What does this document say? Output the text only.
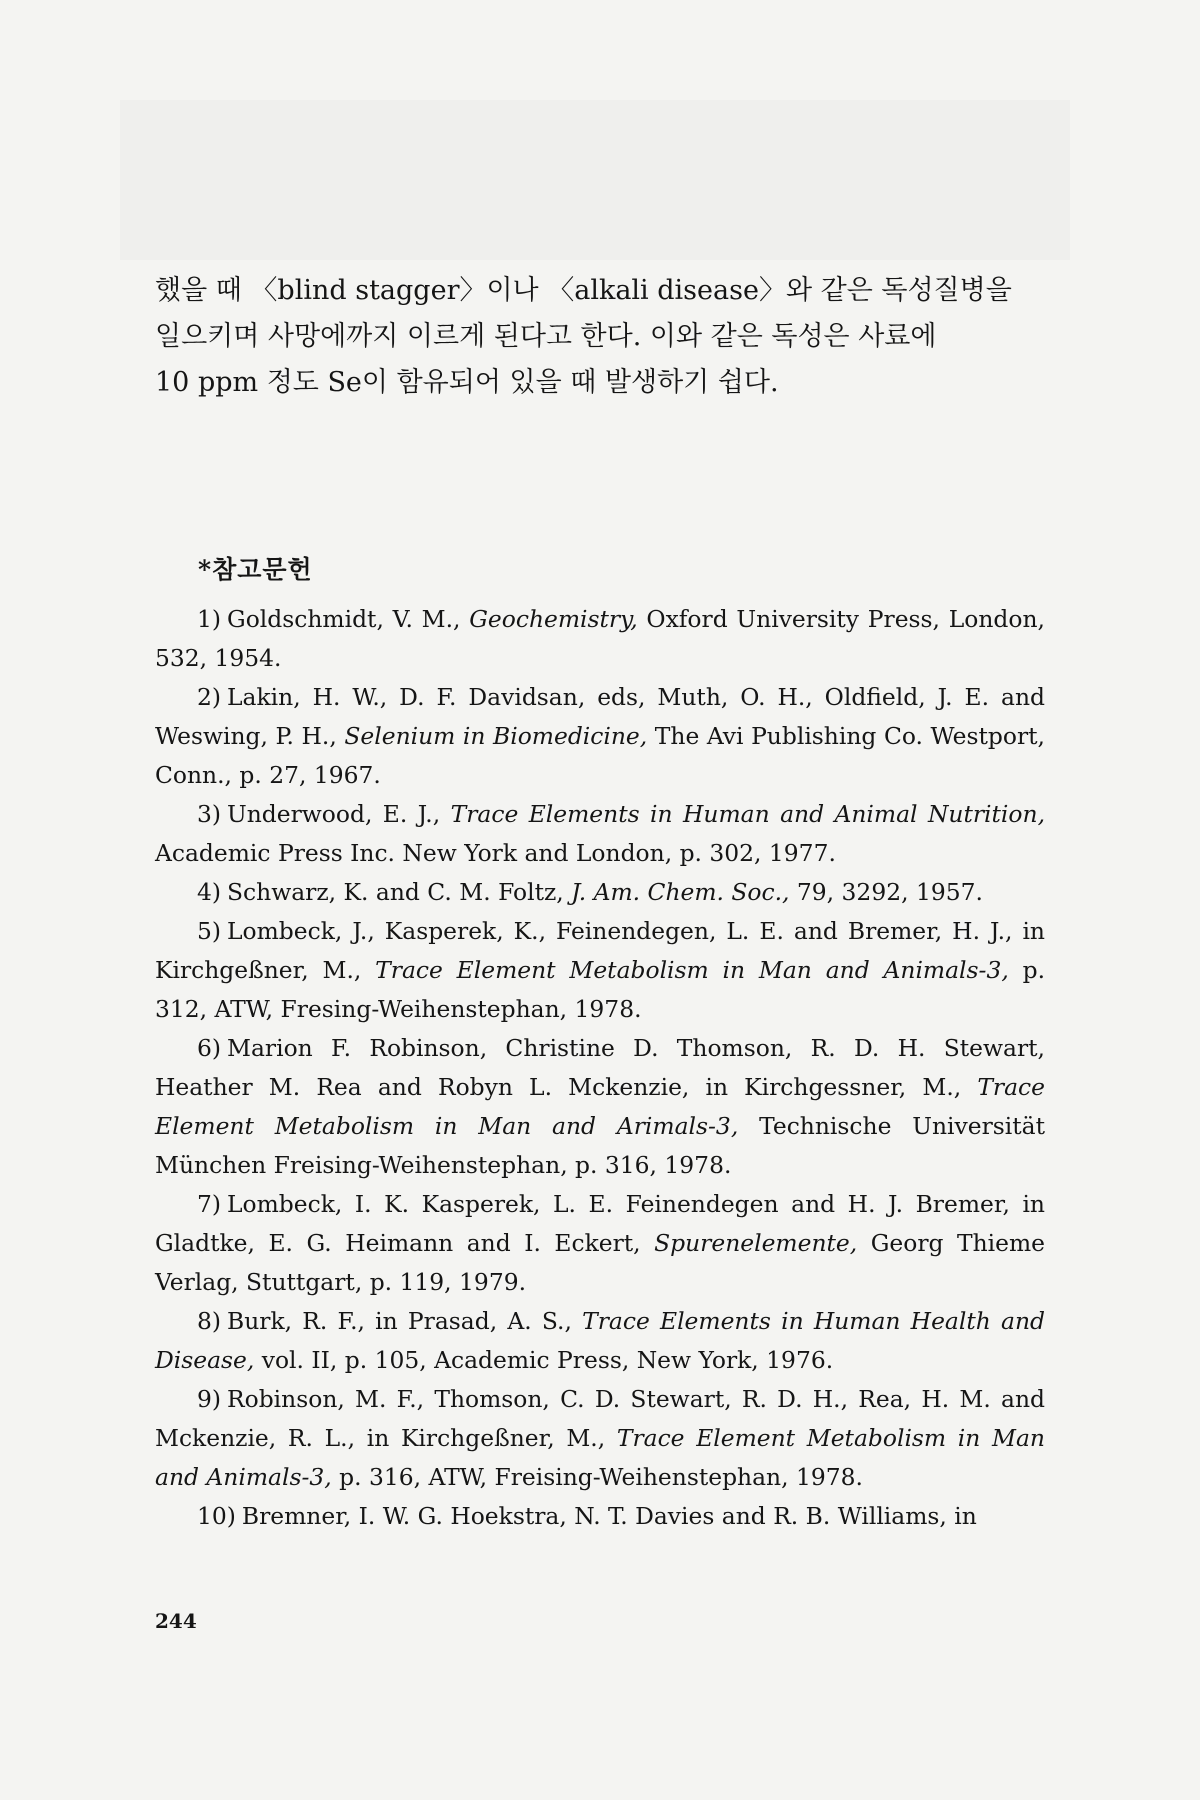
했을 때 〈blind stagger〉이나 〈alkali disease〉와 같은 독성질병을
일으키며 사망에까지 이르게 된다고 한다. 이와 같은 독성은 사료에
10 ppm 정도 Se이 함유되어 있을 때 발생하기 쉽다.
*참고문헌

1) Goldschmidt, V. M., Geochemistry, Oxford University Press, London, 532, 1954.

2) Lakin, H. W., D. F. Davidsan, eds, Muth, O. H., Oldfield, J. E. and Weswing, P. H., Selenium in Biomedicine, The Avi Publishing Co. Westport, Conn., p. 27, 1967.

3) Underwood, E. J., Trace Elements in Human and Animal Nutrition, Academic Press Inc. New York and London, p. 302, 1977.

4) Schwarz, K. and C. M. Foltz, J. Am. Chem. Soc., 79, 3292, 1957.

5) Lombeck, J., Kasperek, K., Feinendegen, L. E. and Bremer, H. J., in Kirchgeßner, M., Trace Element Metabolism in Man and Animals-3, p. 312, ATW, Fresing-Weihenstephan, 1978.

6) Marion F. Robinson, Christine D. Thomson, R. D. H. Stewart, Heather M. Rea and Robyn L. Mckenzie, in Kirchgessner, M., Trace Element Metabolism in Man and Arimals-3, Technische Universität München Freising-Weihenstephan, p. 316, 1978.

7) Lombeck, I. K. Kasperek, L. E. Feinendegen and H. J. Bremer, in Gladtke, E. G. Heimann and I. Eckert, Spurenelemente, Georg Thieme Verlag, Stuttgart, p. 119, 1979.

8) Burk, R. F., in Prasad, A. S., Trace Elements in Human Health and Disease, vol. II, p. 105, Academic Press, New York, 1976.

9) Robinson, M. F., Thomson, C. D. Stewart, R. D. H., Rea, H. M. and Mckenzie, R. L., in Kirchgeßner, M., Trace Element Metabolism in Man and Animals-3, p. 316, ATW, Freising-Weihenstephan, 1978.

10) Bremner, I. W. G. Hoekstra, N. T. Davies and R. B. Williams, in

244
